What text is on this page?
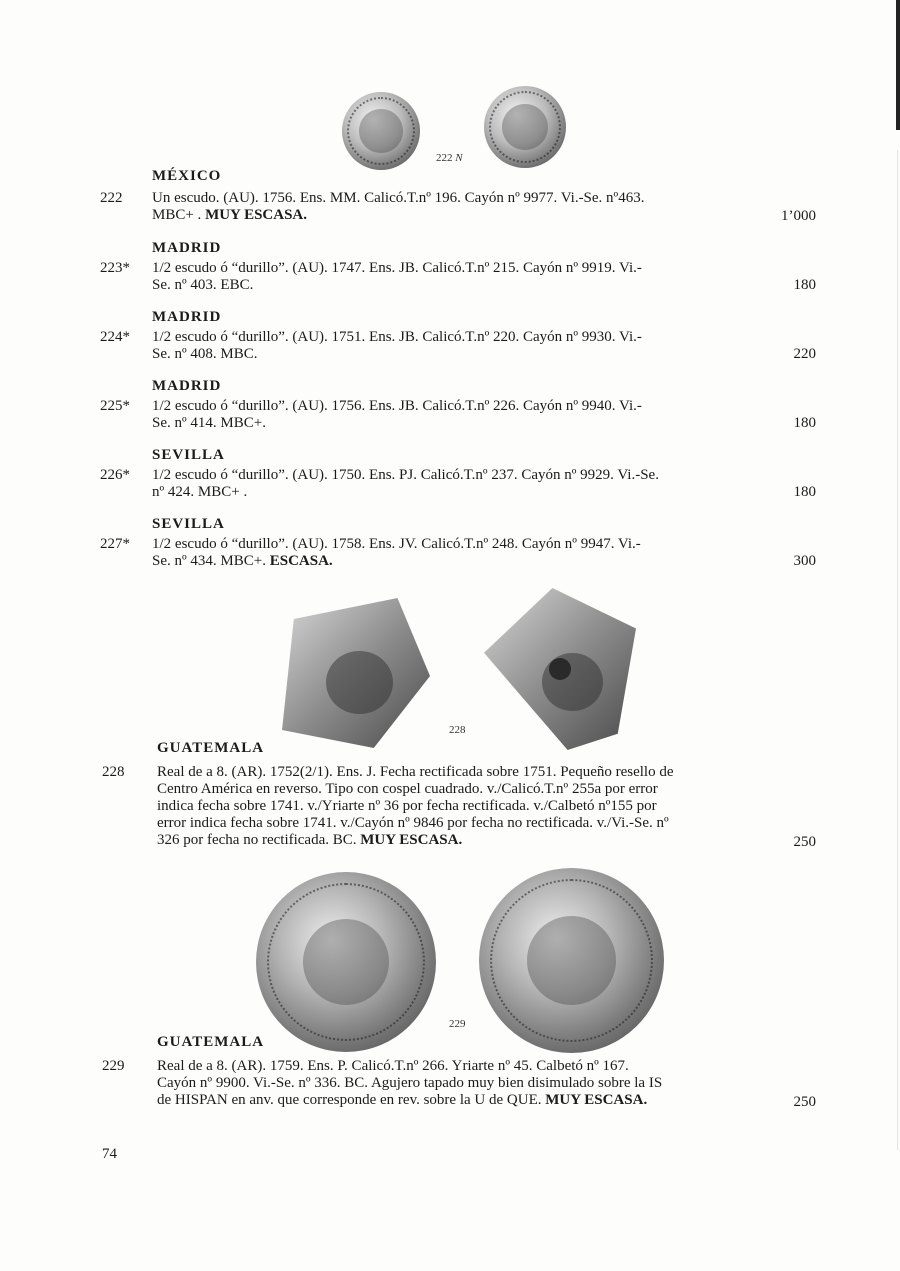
222 N
228
229
MÉXICO
222 Un escudo. (AU). 1756. Ens. MM. Calicó.T.nº 196. Cayón nº 9977. Vi.-Se. nº463.
MBC+ . MUY ESCASA.	1’000
MADRID
223* 1/2 escudo ó “durillo”. (AU). 1747. Ens. JB. Calicó.T.nº 215. Cayón nº 9919. Vi.-
Se. nº 403. EBC.	180
MADRID
224* 1/2 escudo ó “durillo”. (AU). 1751. Ens. JB. Calicó.T.nº 220. Cayón nº 9930. Vi.-
Se. nº 408. MBC.	220
MADRID
225* 1/2 escudo ó “durillo”. (AU). 1756. Ens. JB. Calicó.T.nº 226. Cayón nº 9940. Vi.-
Se. nº 414. MBC+.	180
SEVILLA
226* 1/2 escudo ó “durillo”. (AU). 1750. Ens. PJ. Calicó.T.nº 237. Cayón nº 9929. Vi.-Se.
nº 424. MBC+ .	180
SEVILLA
227* 1/2 escudo ó “durillo”. (AU). 1758. Ens. JV. Calicó.T.nº 248. Cayón nº 9947. Vi.-
Se. nº 434. MBC+. ESCASA.	300
GUATEMALA
228 Real de a 8. (AR). 1752(2/1). Ens. J. Fecha rectificada sobre 1751. Pequeño resello de
Centro América en reverso. Tipo con cospel cuadrado. v./Calicó.T.nº 255a por error
indica fecha sobre 1741. v./Yriarte nº 36 por fecha rectificada. v./Calbetó nº155 por
error indica fecha sobre 1741. v./Cayón nº 9846 por fecha no rectificada. v./Vi.-Se. nº
326 por fecha no rectificada. BC. MUY ESCASA.	250
GUATEMALA
229 Real de a 8. (AR). 1759. Ens. P. Calicó.T.nº 266. Yriarte nº 45. Calbetó nº 167.
Cayón nº 9900. Vi.-Se. nº 336. BC. Agujero tapado muy bien disimulado sobre la IS
de HISPAN en anv. que corresponde en rev. sobre la U de QUE. MUY ESCASA.	250
74
